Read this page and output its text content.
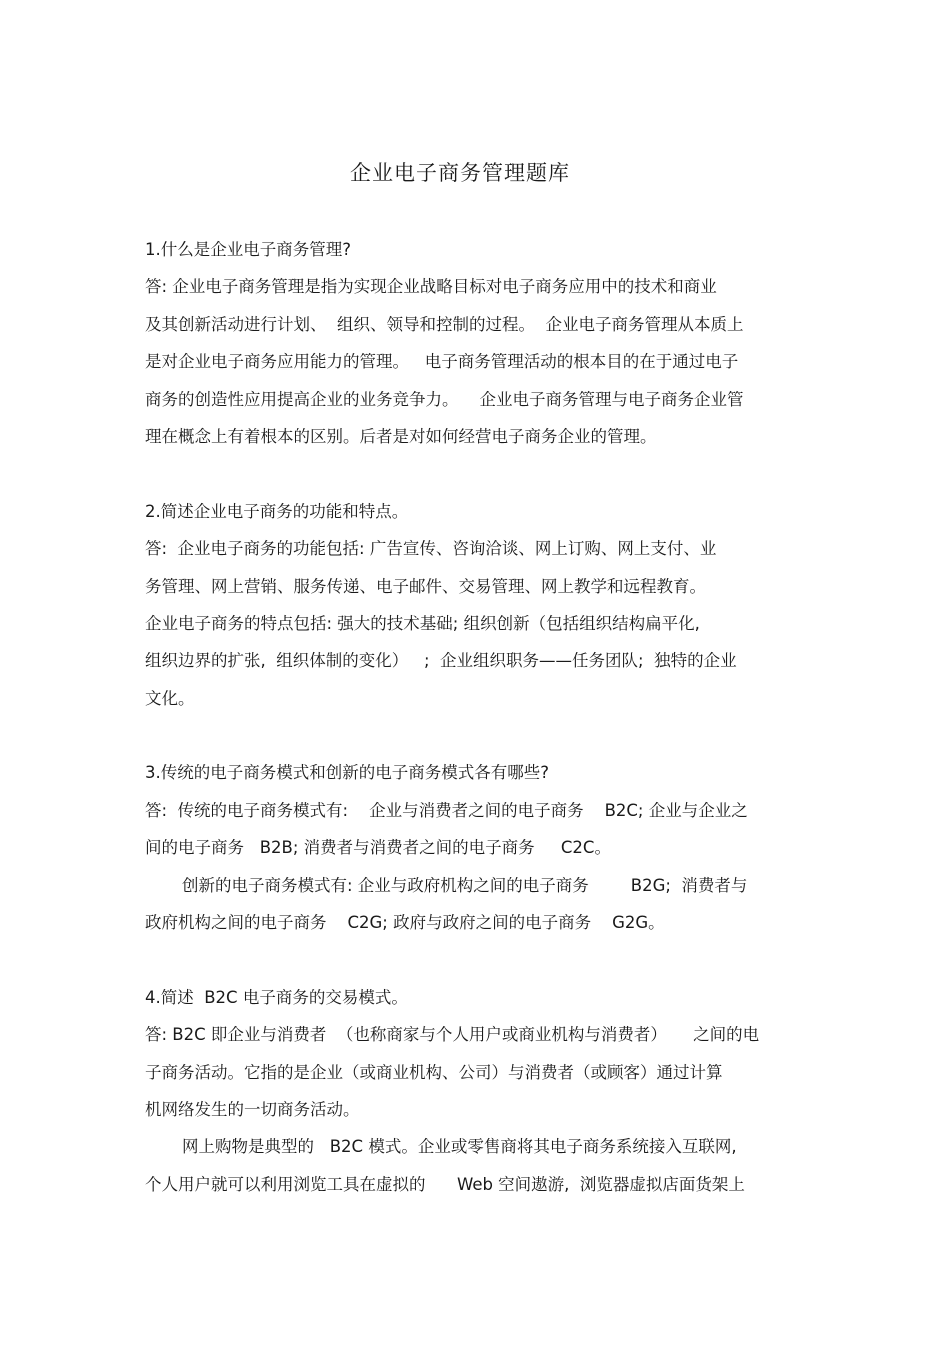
企业电子商务管理题库
1.什么是企业电子商务管理?
答: 企业电子商务管理是指为实现企业战略目标对电子商务应用中的技术和商业
及其创新活动进行计划、  组织、领导和控制的过程。  企业电子商务管理从本质上
是对企业电子商务应用能力的管理。   电子商务管理活动的根本目的在于通过电子
商务的创造性应用提高企业的业务竞争力。    企业电子商务管理与电子商务企业管
理在概念上有着根本的区别。后者是对如何经营电子商务企业的管理。
2.简述企业电子商务的功能和特点。
答:  企业电子商务的功能包括: 广告宣传、咨询洽谈、网上订购、网上支付、业
务管理、网上营销、服务传递、电子邮件、交易管理、网上教学和远程教育。
企业电子商务的特点包括: 强大的技术基础; 组织创新（包括组织结构扁平化,
组织边界的扩张,  组织体制的变化）   ;  企业组织职务——任务团队;  独特的企业
文化。
3.传统的电子商务模式和创新的电子商务模式各有哪些?
答:  传统的电子商务模式有:    企业与消费者之间的电子商务    B2C; 企业与企业之
间的电子商务   B2B; 消费者与消费者之间的电子商务     C2C。
创新的电子商务模式有: 企业与政府机构之间的电子商务        B2G;  消费者与
政府机构之间的电子商务    C2G; 政府与政府之间的电子商务    G2G。
4.简述  B2C 电子商务的交易模式。
答: B2C 即企业与消费者  （也称商家与个人用户或商业机构与消费者）     之间的电
子商务活动。它指的是企业（或商业机构、公司）与消费者（或顾客）通过计算
机网络发生的一切商务活动。
网上购物是典型的   B2C 模式。企业或零售商将其电子商务系统接入互联网,
个人用户就可以利用浏览工具在虚拟的      Web 空间遨游,  浏览器虚拟店面货架上
